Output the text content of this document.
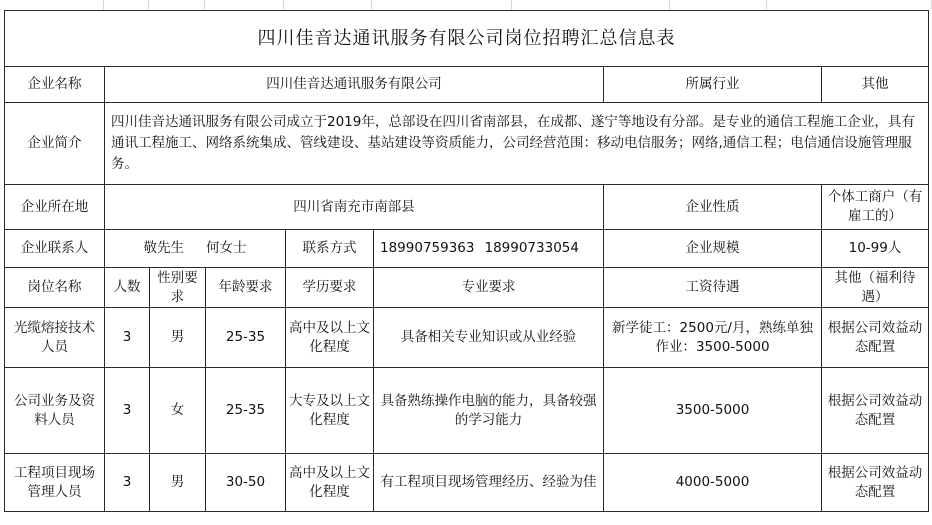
四川佳音达通讯服务有限公司岗位招聘汇总信息表							
企业名称	四川佳音达通讯服务有限公司					所属行业	其他
企业简介	四川佳音达通讯服务有限公司成立于2019年，总部设在四川省南部县，在成都、遂宁等地设有分部。是专业的通信工程施工企业，具有通讯工程施工、网络系统集成、管线建设、基站建设等资质能力，公司经营范围：移动电信服务；网络,通信工程；电信通信设施管理服务。						
企业所在地	四川省南充市南部县					企业性质	个体工商户（有雇工的）
企业联系人	敬先生 何女士			联系方式	18990759363 18990733054	企业规模	10-99人
岗位名称	人数	性别要求	年龄要求	学历要求	专业要求	工资待遇	其他（福利待遇）
光缆熔接技术人员	3	男	25-35	高中及以上文化程度	具备相关专业知识或从业经验	新学徒工：2500元/月，熟练单独作业：3500-5000	根据公司效益动态配置
公司业务及资料人员	3	女	25-35	大专及以上文化程度	具备熟练操作电脑的能力，具备较强的学习能力	3500-5000	根据公司效益动态配置
工程项目现场管理人员	3	男	30-50	高中及以上文化程度	有工程项目现场管理经历、经验为佳	4000-5000	根据公司效益动态配置
